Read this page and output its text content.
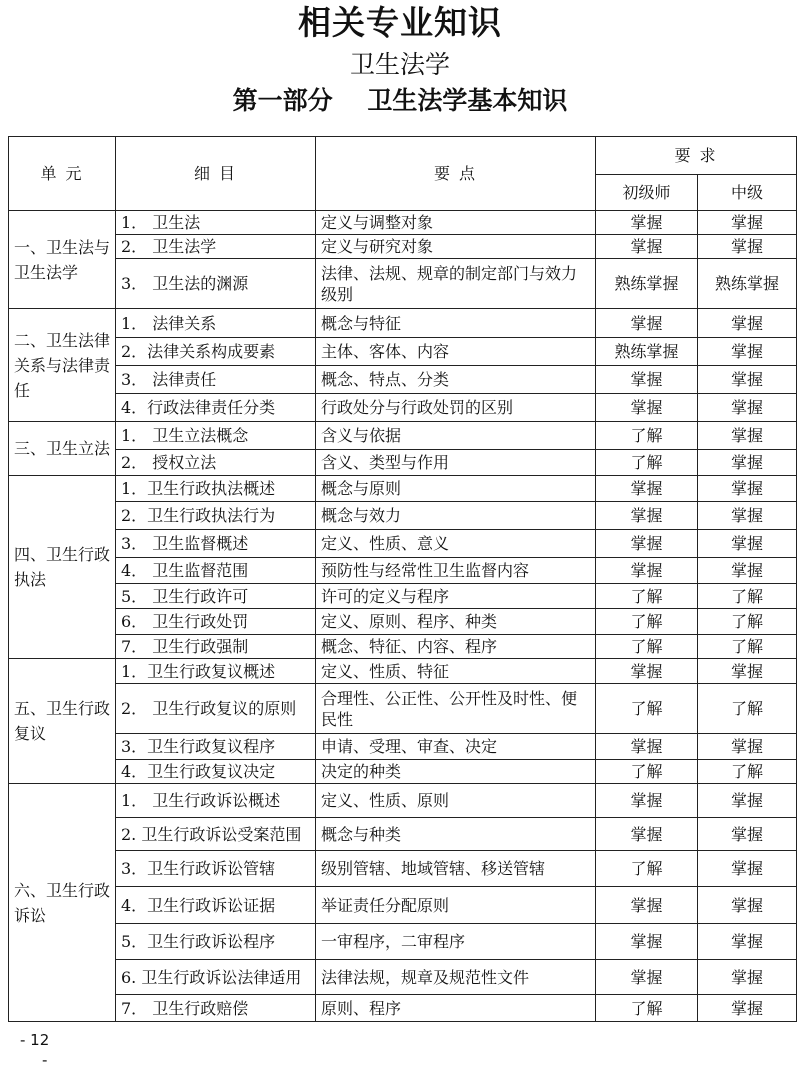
相关专业知识
卫生法学
第一部分    卫生法学基本知识
单 元	细 目	要 点	要 求	
			初级师	中级
一、卫生法与卫生法学	1． 卫生法	定义与调整对象	掌握	掌握
	2． 卫生法学	定义与研究对象	掌握	掌握
	3． 卫生法的渊源	法律、法规、规章的制定部门与效力级别	熟练掌握	熟练掌握
二、卫生法律关系与法律责任	1． 法律关系	概念与特征	掌握	掌握
	2．法律关系构成要素	主体、客体、内容	熟练掌握	掌握
	3． 法律责任	概念、特点、分类	掌握	掌握
	4．行政法律责任分类	行政处分与行政处罚的区别	掌握	掌握
三、卫生立法	1． 卫生立法概念	含义与依据	了解	掌握
	2． 授权立法	含义、类型与作用	了解	掌握
四、卫生行政执法	1．卫生行政执法概述	概念与原则	掌握	掌握
	2．卫生行政执法行为	概念与效力	掌握	掌握
	3． 卫生监督概述	定义、性质、意义	掌握	掌握
	4． 卫生监督范围	预防性与经常性卫生监督内容	掌握	掌握
	5． 卫生行政许可	许可的定义与程序	了解	了解
	6． 卫生行政处罚	定义、原则、程序、种类	了解	了解
	7． 卫生行政强制	概念、特征、内容、程序	了解	了解
五、卫生行政复议	1．卫生行政复议概述	定义、性质、特征	掌握	掌握
	2． 卫生行政复议的原则	合理性、公正性、公开性及时性、便民性	了解	了解
	3．卫生行政复议程序	申请、受理、审查、决定	掌握	掌握
	4．卫生行政复议决定	决定的种类	了解	了解
六、卫生行政诉讼	1． 卫生行政诉讼概述	定义、性质、原则	掌握	掌握
	2. 卫生行政诉讼受案范围	概念与种类	掌握	掌握
	3．卫生行政诉讼管辖	级别管辖、地域管辖、移送管辖	了解	掌握
	4．卫生行政诉讼证据	举证责任分配原则	掌握	掌握
	5．卫生行政诉讼程序	一审程序，二审程序	掌握	掌握
	6. 卫生行政诉讼法律适用	法律法规，规章及规范性文件	掌握	掌握
	7． 卫生行政赔偿	原则、程序	了解	掌握
- 12
-
